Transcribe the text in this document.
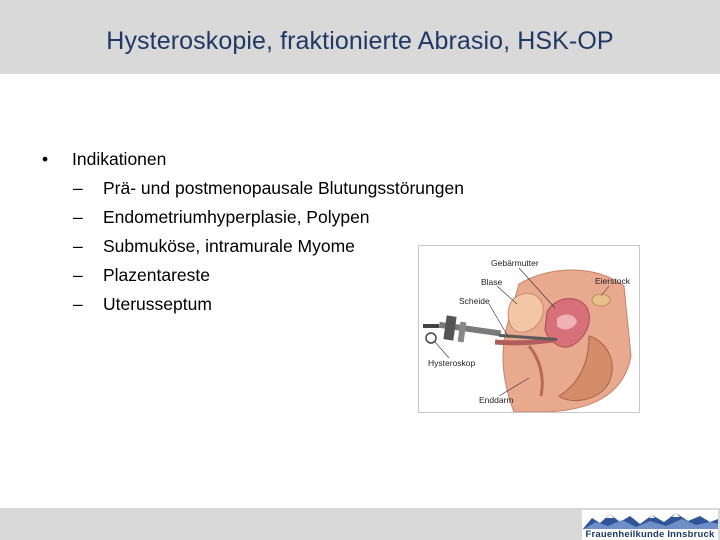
Hysteroskopie, fraktionierte Abrasio, HSK-OP
•	Indikationen
–	Prä- und postmenopausale Blutungsstörungen
–	Endometriumhyperplasie, Polypen
–	Submuköse, intramurale Myome
–	Plazentareste
–	Uterusseptum
Gebärmutter
Blase	Eierstock
Scheide
Hysteroskop
Enddarm
Frauenheilkunde Innsbruck
